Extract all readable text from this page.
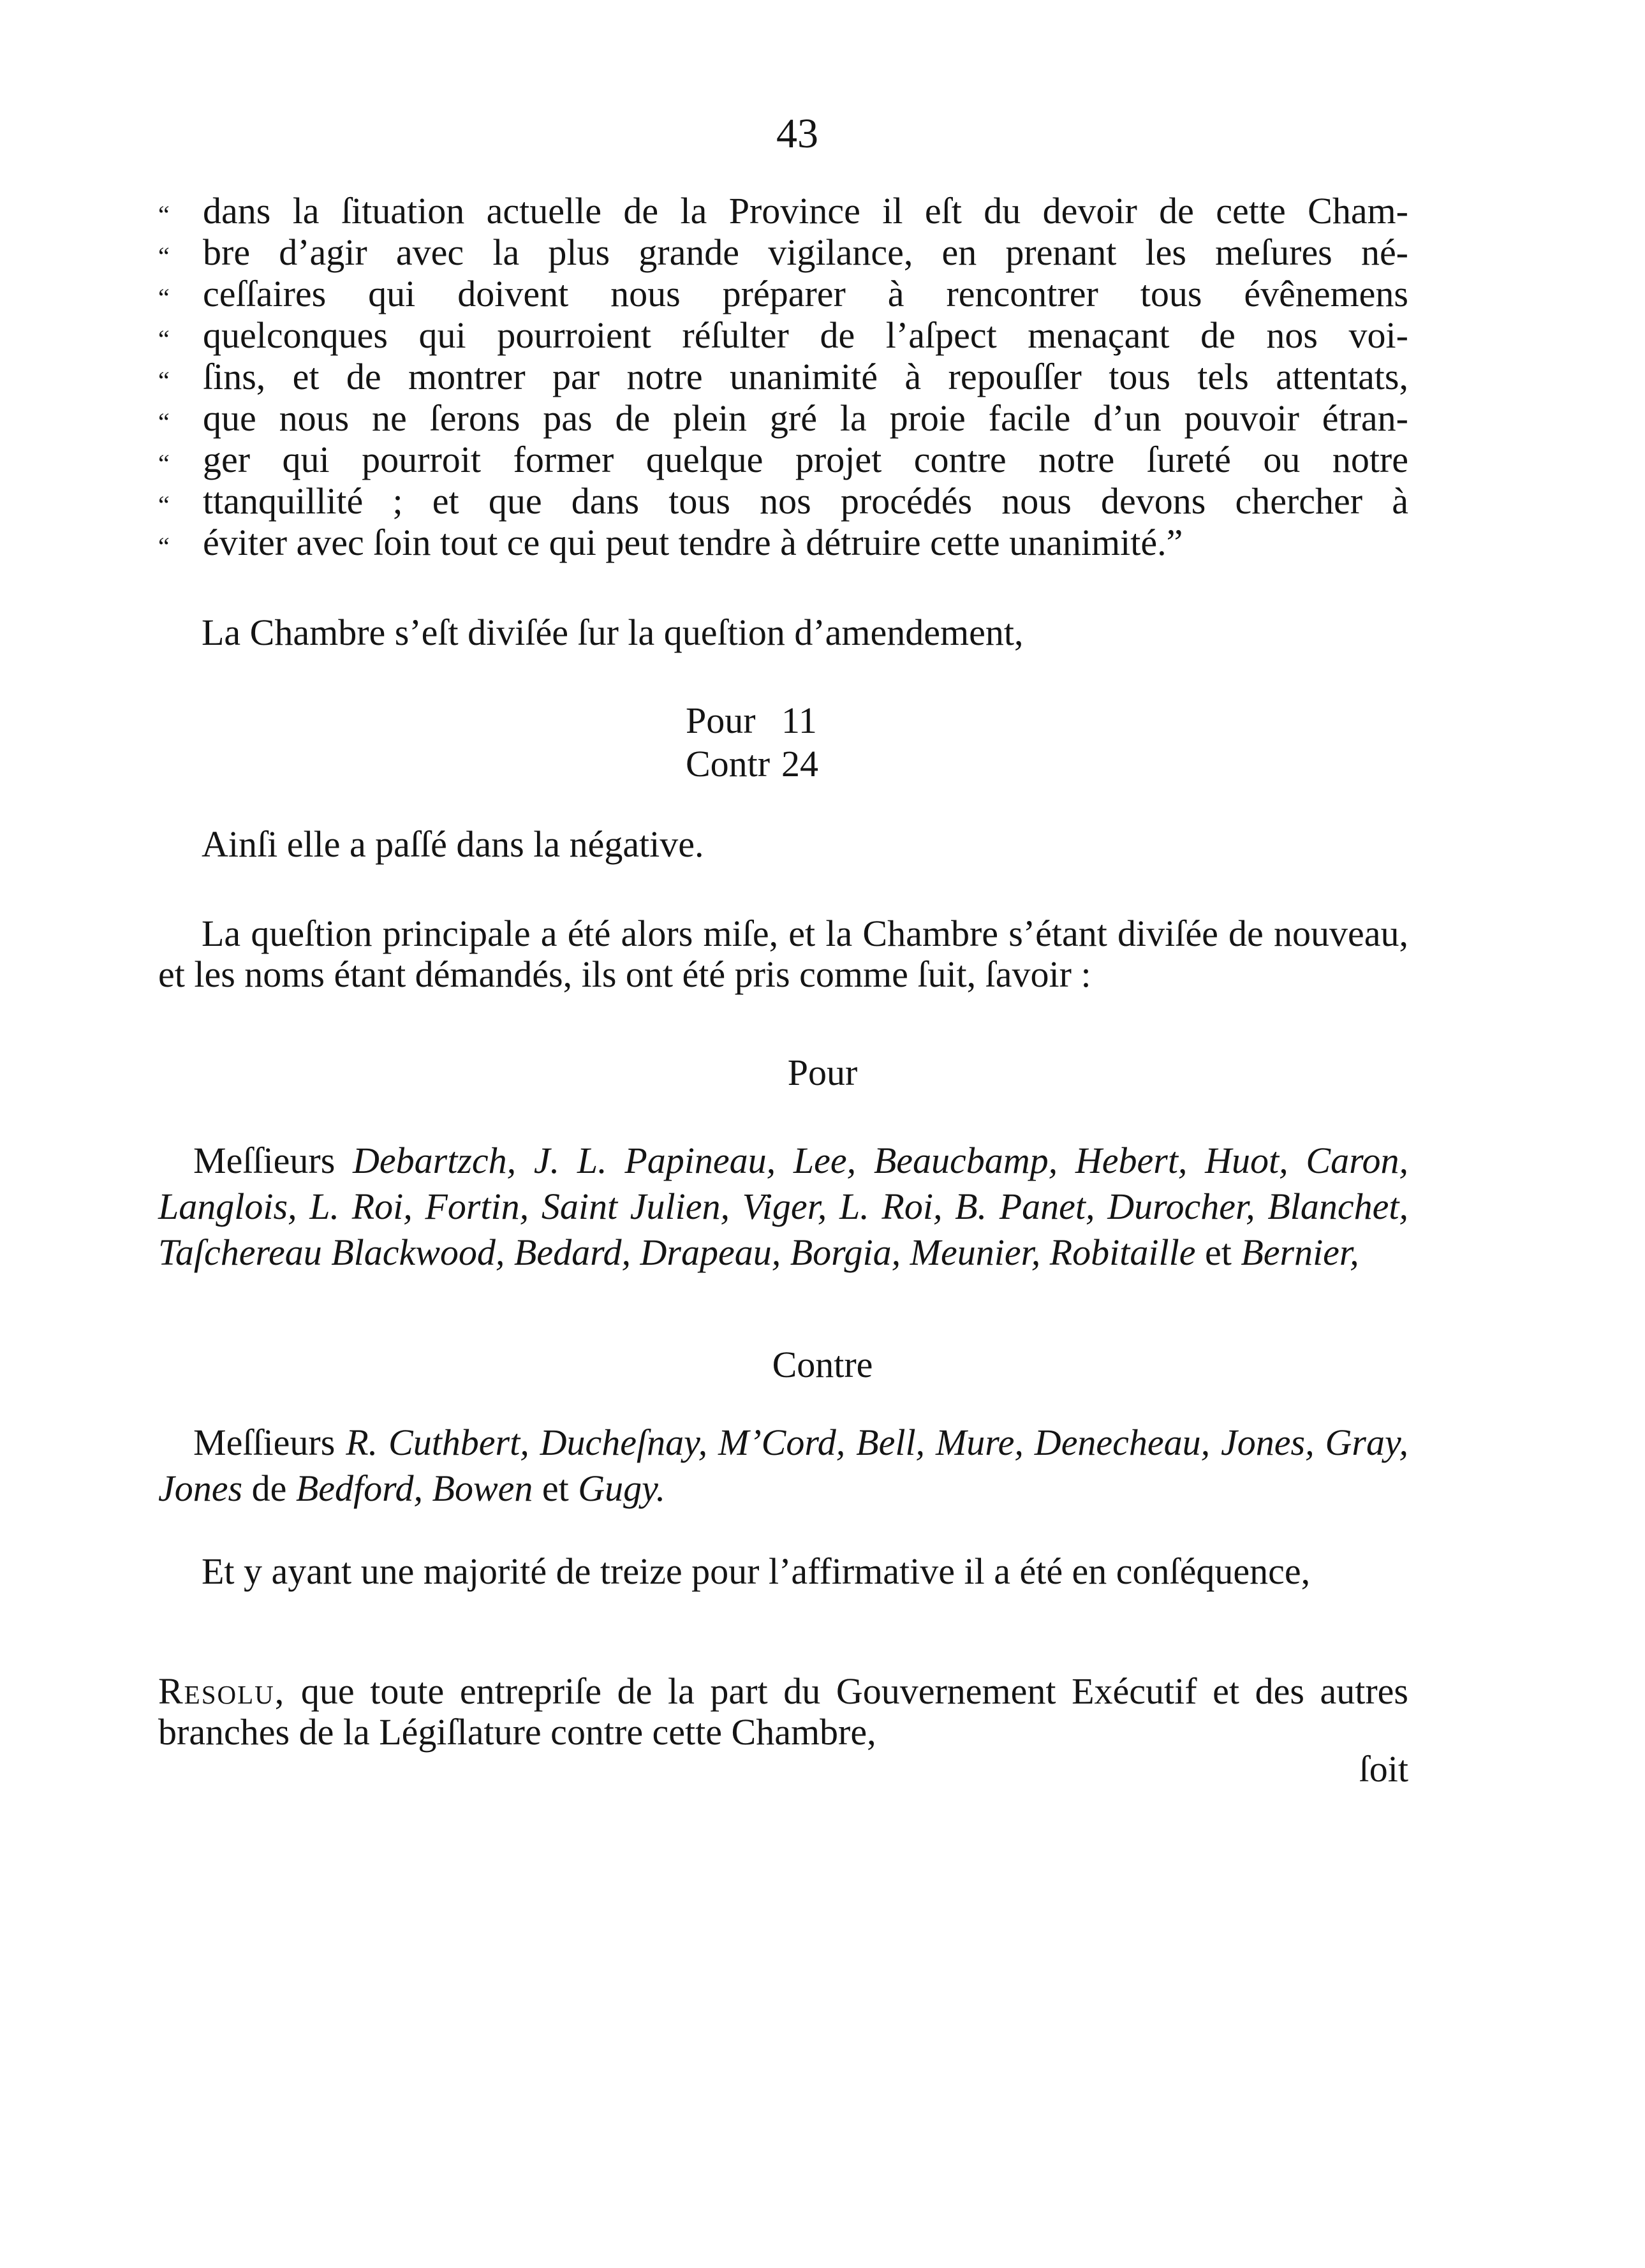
43
“ dans la ſituation actuelle de la Province il eſt du devoir de cette Cham-
“ bre d’agir avec la plus grande vigilance, en prenant les meſures né-
“ ceſſaires qui doivent nous préparer à rencontrer tous évênemens
“ quelconques qui pourroient réſulter de l’aſpect menaçant de nos voi-
“ ſins, et de montrer par notre unanimité à repouſſer tous tels attentats,
“ que nous ne ſerons pas de plein gré la proie facile d’un pouvoir étran-
“ ger qui pourroit former quelque projet contre notre ſureté ou notre
“ ttanquillité ; et que dans tous nos procédés nous devons chercher à
“ éviter avec ſoin tout ce qui peut tendre à détruire cette unanimité.”
La Chambre s’eſt diviſée ſur la queſtion d’amendement,
Pour 11
Contr 24
Ainſi elle a paſſé dans la négative.
La queſtion principale a été alors miſe, et la Chambre s’étant diviſée de nouveau, et les noms étant démandés, ils ont été pris comme ſuit, ſavoir :
Pour
Meſſieurs Debartzch, J. L. Papineau, Lee, Beaucbamp, Hebert, Huot, Caron, Langlois, L. Roi, Fortin, Saint Julien, Viger, L. Roi, B. Panet, Durocher, Blanchet, Taſchereau Blackwood, Bedard, Drapeau, Borgia, Meunier, Robitaille et Bernier,
Contre
Meſſieurs R. Cuthbert, Ducheſnay, M’Cord, Bell, Mure, Denecheau, Jones, Gray, Jones de Bedford, Bowen et Gugy.
Et y ayant une majorité de treize pour l’affirmative il a été en conſéquence,
Resolu, que toute entrepriſe de la part du Gouvernement Exécutif et des autres branches de la Légiſlature contre cette Chambre,
ſoit
